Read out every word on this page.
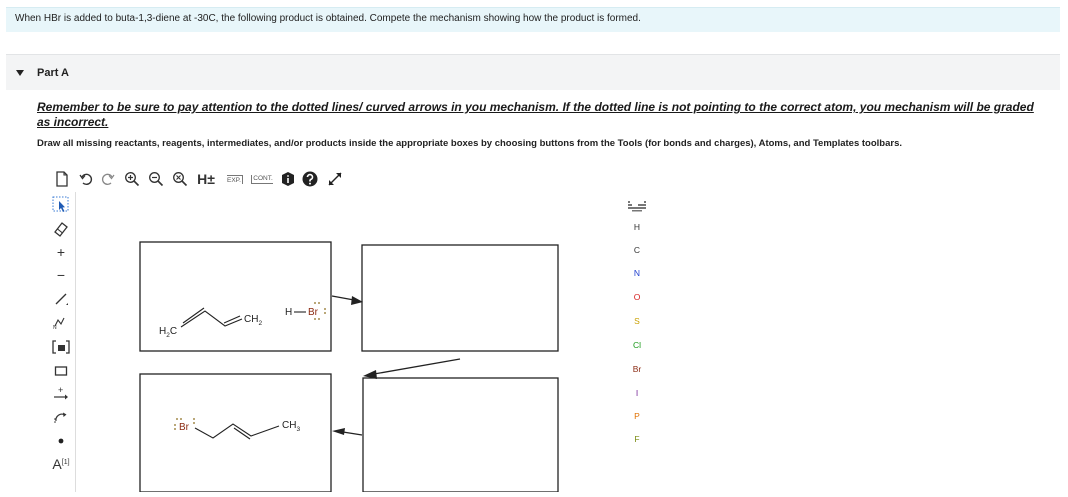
When HBr is added to buta-1,3-diene at -30C, the following product is obtained. Compete the mechanism showing how the product is formed.
Part A
Remember to be sure to pay attention to the dotted lines/ curved arrows in you mechanism. If the dotted line is not pointing to the correct atom, you mechanism will be graded as incorrect.
Draw all missing reactants, reagents, intermediates, and/or products inside the appropriate boxes by choosing buttons from the Tools (for bonds and charges), Atoms, and Templates toolbars.
H±	EXP.	CONT.
+
−
N
+
A [1]
$H_2C$
$CH_2$
H Br
Br	$CH_3$
H
C
N
O
S
Cl
Br
I
P
F
